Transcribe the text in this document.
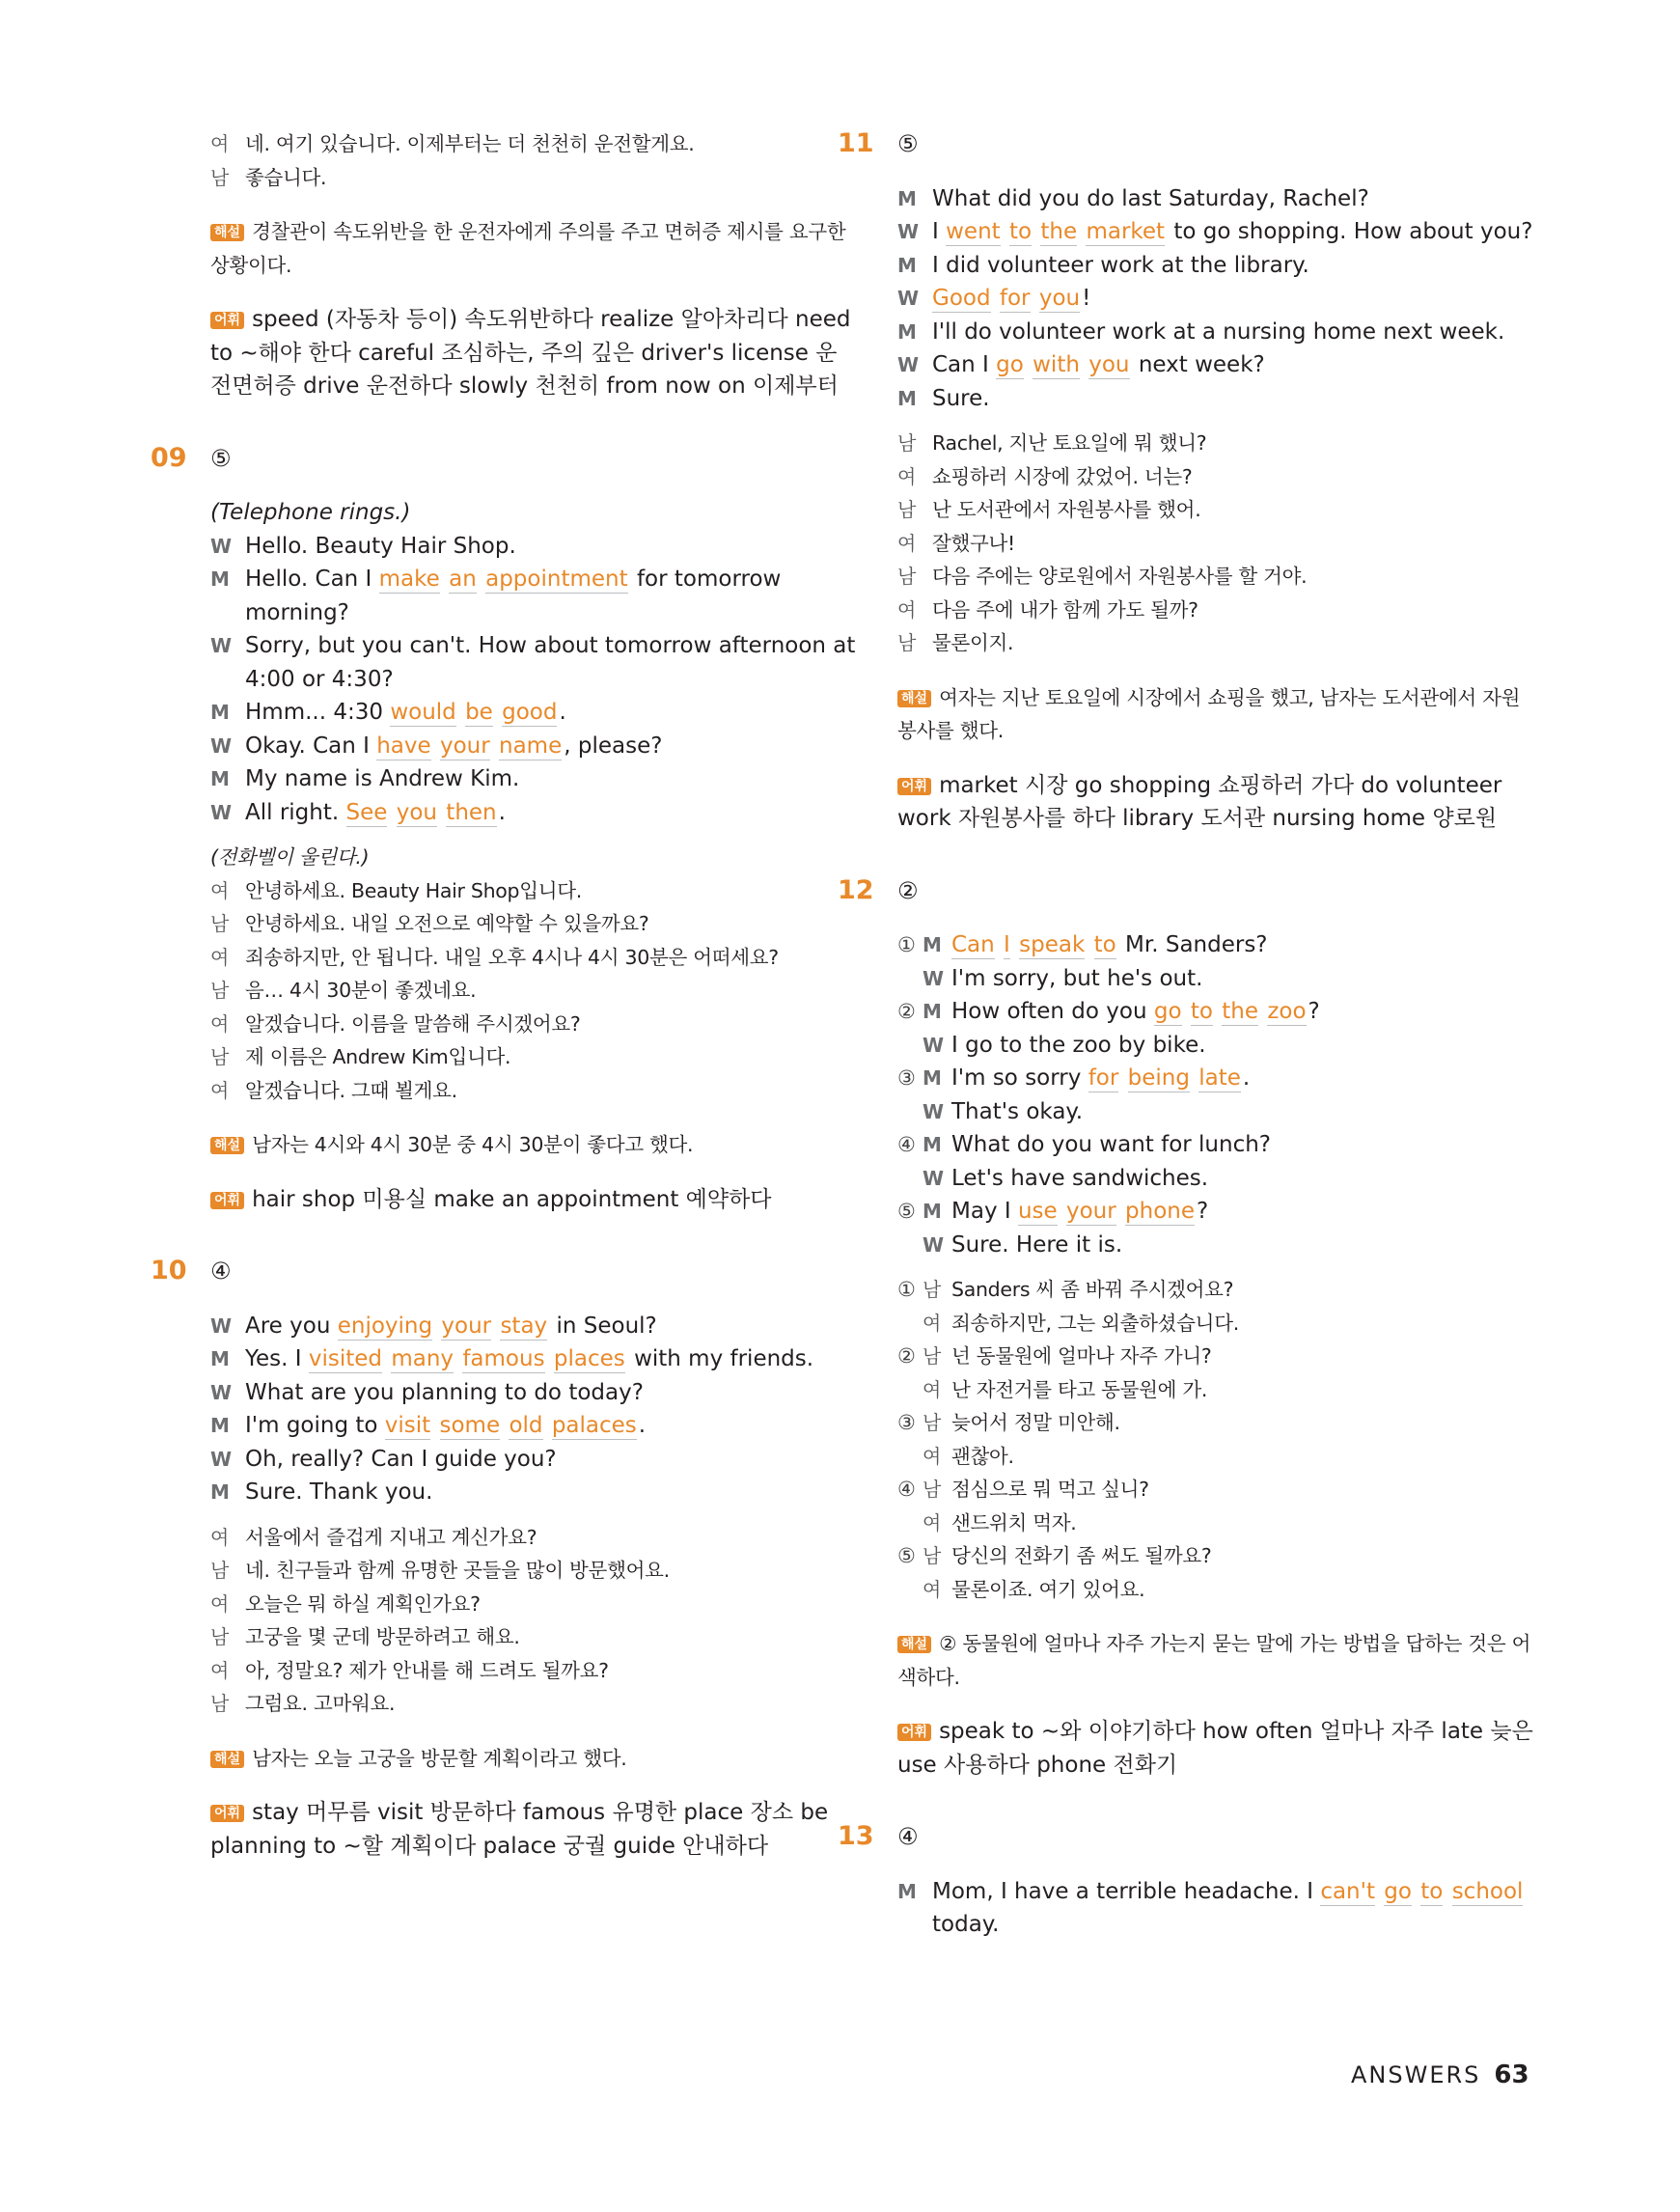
여 네. 여기 있습니다. 이제부터는 더 천천히 운전할게요.
남 좋습니다.
해설 경찰관이 속도위반을 한 운전자에게 주의를 주고 면허증 제시를 요구한 상황이다.
어휘 speed (자동차 등이) 속도위반하다 realize 알아차리다 need to ~해야 한다 careful 조심하는, 주의 깊은 driver's license 운전면허증 drive 운전하다 slowly 천천히 from now on 이제부터
09	⑤
(Telephone rings.)
W Hello. Beauty Hair Shop.
M Hello. Can I make an appointment for tomorrow morning?
W Sorry, but you can't. How about tomorrow afternoon at 4:00 or 4:30?
M Hmm... 4:30 would be good.
W Okay. Can I have your name, please?
M My name is Andrew Kim.
W All right. See you then.
(전화벨이 울린다.)
여 안녕하세요. Beauty Hair Shop입니다.
남 안녕하세요. 내일 오전으로 예약할 수 있을까요?
여 죄송하지만, 안 됩니다. 내일 오후 4시나 4시 30분은 어떠세요?
남 음… 4시 30분이 좋겠네요.
여 알겠습니다. 이름을 말씀해 주시겠어요?
남 제 이름은 Andrew Kim입니다.
여 알겠습니다. 그때 뵐게요.
해설 남자는 4시와 4시 30분 중 4시 30분이 좋다고 했다.
어휘 hair shop 미용실 make an appointment 예약하다
10	④
W Are you enjoying your stay in Seoul?
M Yes. I visited many famous places with my friends.
W What are you planning to do today?
M I'm going to visit some old palaces.
W Oh, really? Can I guide you?
M Sure. Thank you.
여 서울에서 즐겁게 지내고 계신가요?
남 네. 친구들과 함께 유명한 곳들을 많이 방문했어요.
여 오늘은 뭐 하실 계획인가요?
남 고궁을 몇 군데 방문하려고 해요.
여 아, 정말요? 제가 안내를 해 드려도 될까요?
남 그럼요. 고마워요.
해설 남자는 오늘 고궁을 방문할 계획이라고 했다.
어휘 stay 머무름 visit 방문하다 famous 유명한 place 장소 be planning to ~할 계획이다 palace 궁궐 guide 안내하다
11	⑤
M What did you do last Saturday, Rachel?
W I went to the market to go shopping. How about you?
M I did volunteer work at the library.
W Good for you!
M I'll do volunteer work at a nursing home next week.
W Can I go with you next week?
M Sure.
남 Rachel, 지난 토요일에 뭐 했니?
여 쇼핑하러 시장에 갔었어. 너는?
남 난 도서관에서 자원봉사를 했어.
여 잘했구나!
남 다음 주에는 양로원에서 자원봉사를 할 거야.
여 다음 주에 내가 함께 가도 될까?
남 물론이지.
해설 여자는 지난 토요일에 시장에서 쇼핑을 했고, 남자는 도서관에서 자원봉사를 했다.
어휘 market 시장 go shopping 쇼핑하러 가다 do volunteer work 자원봉사를 하다 library 도서관 nursing home 양로원
12	②
① M Can I speak to Mr. Sanders?
W I'm sorry, but he's out.
② M How often do you go to the zoo?
W I go to the zoo by bike.
③ M I'm so sorry for being late.
W That's okay.
④ M What do you want for lunch?
W Let's have sandwiches.
⑤ M May I use your phone?
W Sure. Here it is.
① 남 Sanders 씨 좀 바꿔 주시겠어요?
여 죄송하지만, 그는 외출하셨습니다.
② 남 넌 동물원에 얼마나 자주 가니?
여 난 자전거를 타고 동물원에 가.
③ 남 늦어서 정말 미안해.
여 괜찮아.
④ 남 점심으로 뭐 먹고 싶니?
여 샌드위치 먹자.
⑤ 남 당신의 전화기 좀 써도 될까요?
여 물론이죠. 여기 있어요.
해설 ② 동물원에 얼마나 자주 가는지 묻는 말에 가는 방법을 답하는 것은 어색하다.
어휘 speak to ~와 이야기하다 how often 얼마나 자주 late 늦은 use 사용하다 phone 전화기
13	④
M Mom, I have a terrible headache. I can't go to school today.
ANSWERS 63
